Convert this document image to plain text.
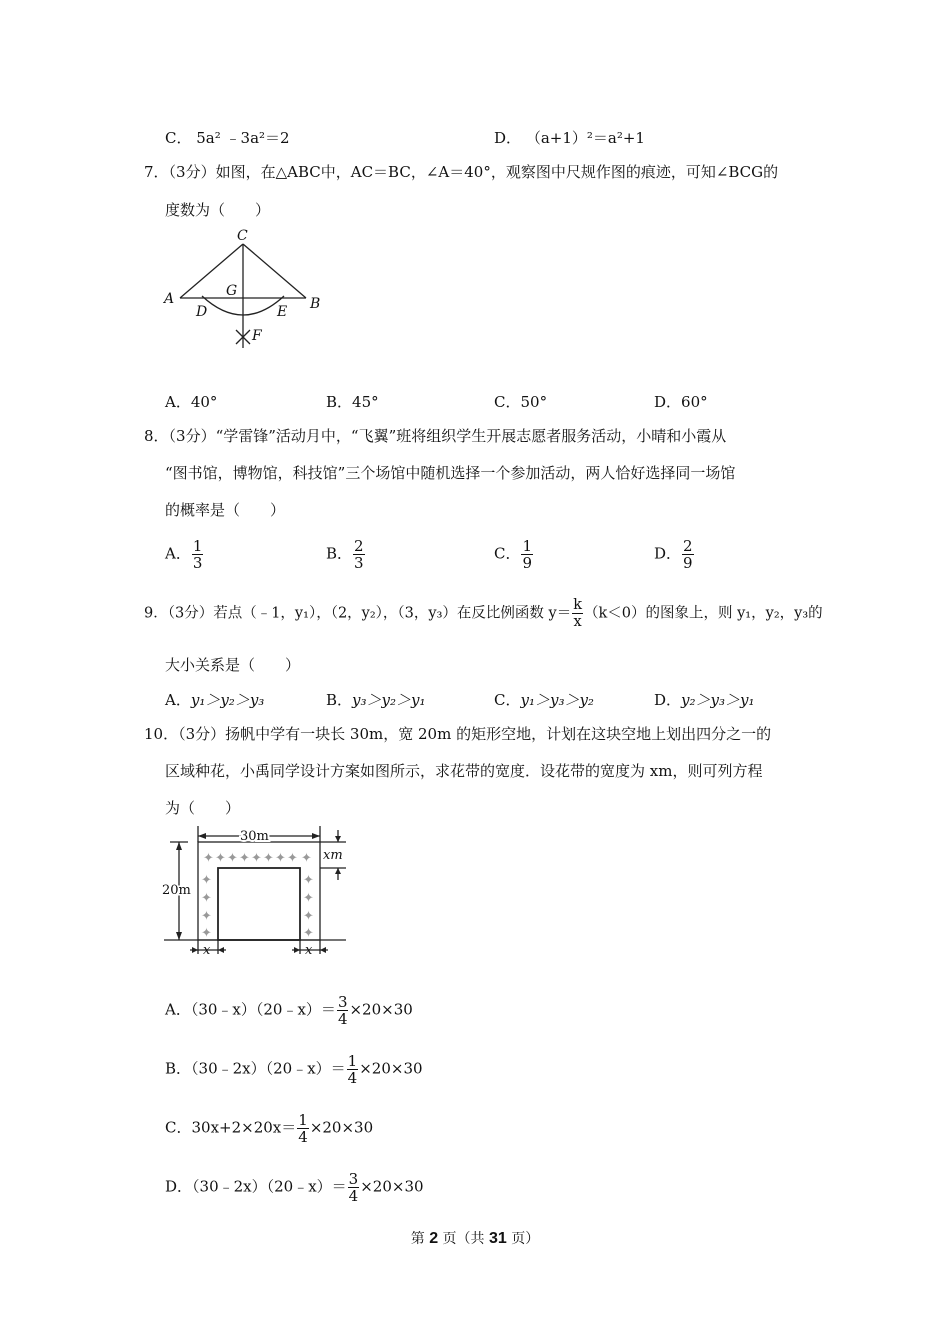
C． 5a² ﹣3a²＝2	D． （a+1）²＝a²+1
7．（3分）如图，在△ABC中，AC＝BC，∠A＝40°，观察图中尺规作图的痕迹，可知∠BCG的
度数为（　　）
C
A	G
B
D	E
F
A．40°	B．45°	C．50°	D．60°
8．（3分）“学雷锋”活动月中，“飞翼”班将组织学生开展志愿者服务活动，小晴和小霞从
“图书馆，博物馆，科技馆”三个场馆中随机选择一个参加活动，两人恰好选择同一场馆
的概率是（　　）
A． $\frac{1}{3}$	B． $\frac{2}{3}$	C． $\frac{1}{9}$	D． $\frac{2}{9}$
9．（3分）若点（﹣1，y₁），（2，y₂），（3，y₃）在反比例函数 $y= \frac{k}{x} (k<0)$的图象上，则 y₁，y₂，y₃的
大小关系是（　　）
A．y₁＞y₂＞y₃	B．y₃＞y₂＞y₁	C．y₁＞y₃＞y₂	D．y₂＞y₃＞y₁
10．（3分）扬帆中学有一块长 30m，宽 20m 的矩形空地，计划在这块空地上划出四分之一的
区域种花，小禹同学设计方案如图所示，求花带的宽度．设花带的宽度为 xm，则可列方程
为（　　）
✦ ✦ ✦ ✦ ✦ ✦ ✦ ✦ ✦
✦
✦
✦
✦
✦
✦
✦
✦
30m
20m
xm
x	x
A．（30﹣x）（20﹣x）＝ $\frac{3}{4} \times 20\times 30$
B．（30﹣2x）（20﹣x）＝ $\frac{1}{4} \times 20\times 30$
C．$30x+2\times 20x= \frac{1}{4} \times 20\times 30$
D．（30﹣2x）（20﹣x）＝ $\frac{3}{4} \times 20\times 30$
第 2 页（共 31 页）
